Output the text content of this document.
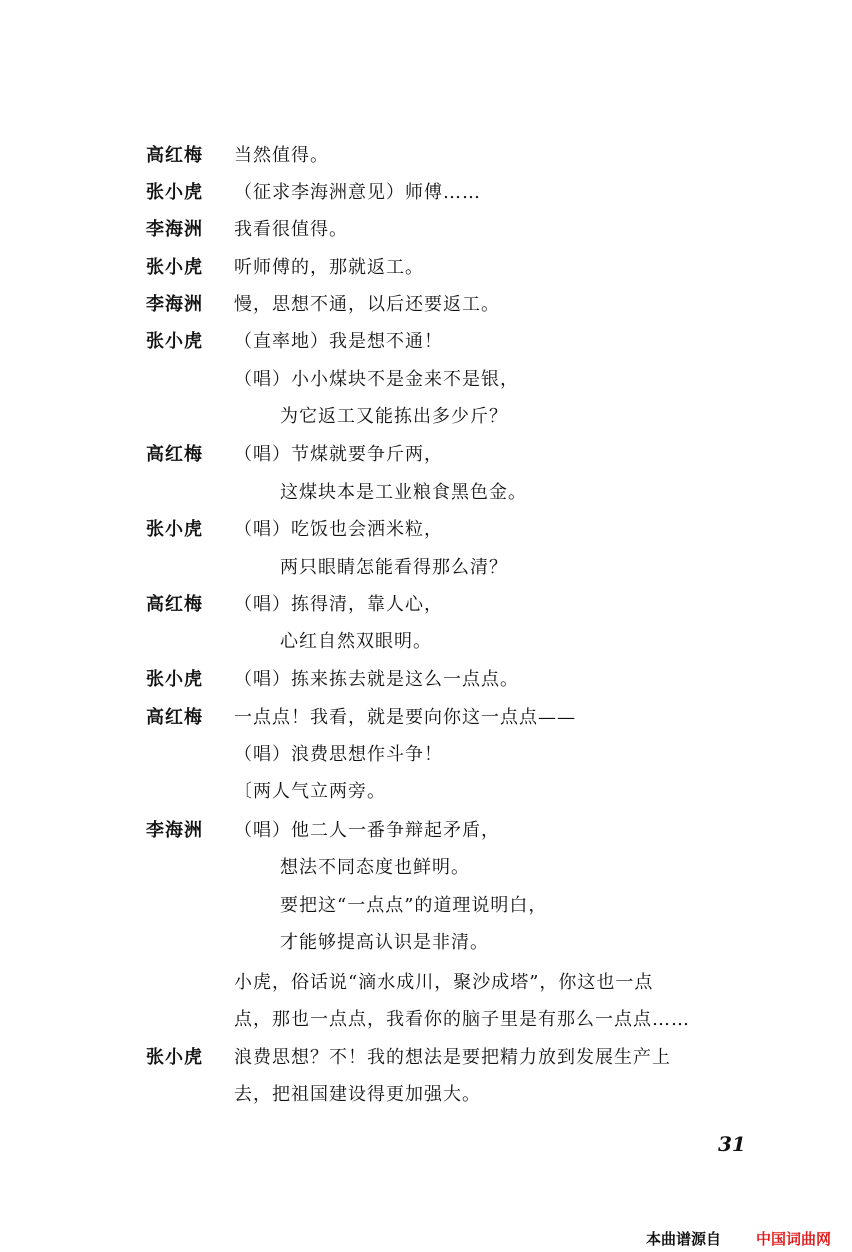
高红梅 当然值得。
张小虎 （征求李海洲意见）师傅……
李海洲 我看很值得。
张小虎 听师傅的，那就返工。
李海洲 慢，思想不通，以后还要返工。
张小虎 （直率地）我是想不通！
（唱）小小煤块不是金来不是银，
为它返工又能拣出多少斤？
高红梅 （唱）节煤就要争斤两，
这煤块本是工业粮食黑色金。
张小虎 （唱）吃饭也会洒米粒，
两只眼睛怎能看得那么清？
高红梅 （唱）拣得清，靠人心，
心红自然双眼明。
张小虎 （唱）拣来拣去就是这么一点点。
高红梅 一点点！我看，就是要向你这一点点——
（唱）浪费思想作斗争！
〔两人气立两旁。
李海洲 （唱）他二人一番争辩起矛盾，
想法不同态度也鲜明。
要把这“一点点”的道理说明白，
才能够提高认识是非清。
小虎，俗话说“滴水成川，聚沙成塔”，你这也一点
点，那也一点点，我看你的脑子里是有那么一点点……
张小虎 浪费思想？不！我的想法是要把精力放到发展生产上
去，把祖国建设得更加强大。
31
本曲谱源自 中国词曲网
